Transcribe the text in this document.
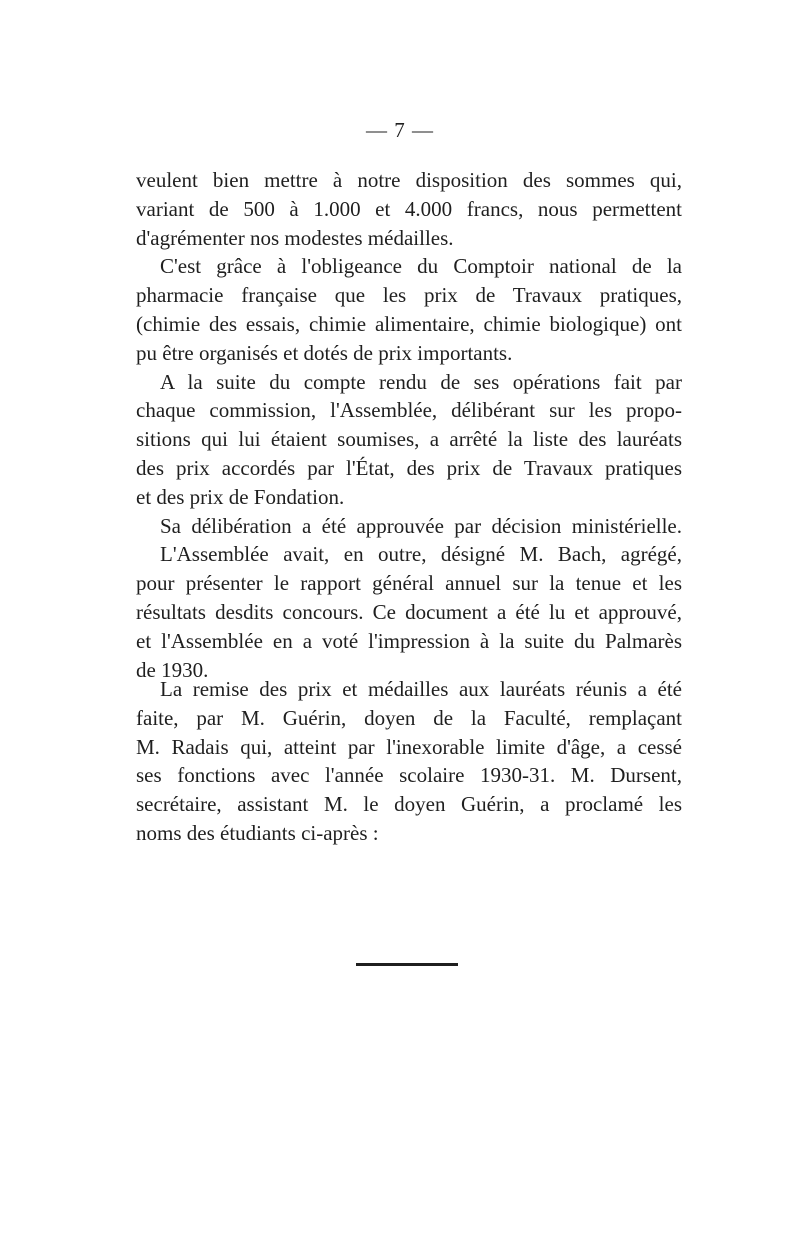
— 7 —
veulent bien mettre à notre disposition des sommes qui,
variant de 500 à 1.000 et 4.000 francs, nous permettent
d'agrémenter nos modestes médailles.
C'est grâce à l'obligeance du Comptoir national de la
pharmacie française que les prix de Travaux pratiques,
(chimie des essais, chimie alimentaire, chimie biologique) ont
pu être organisés et dotés de prix importants.
A la suite du compte rendu de ses opérations fait par
chaque commission, l'Assemblée, délibérant sur les propo-
sitions qui lui étaient soumises, a arrêté la liste des lauréats
des prix accordés par l'État, des prix de Travaux pratiques
et des prix de Fondation.
Sa délibération a été approuvée par décision ministérielle.
L'Assemblée avait, en outre, désigné M. Bach, agrégé,
pour présenter le rapport général annuel sur la tenue et les
résultats desdits concours. Ce document a été lu et approuvé,
et l'Assemblée en a voté l'impression à la suite du Palmarès
de 1930.
La remise des prix et médailles aux lauréats réunis a été
faite, par M. Guérin, doyen de la Faculté, remplaçant
M. Radais qui, atteint par l'inexorable limite d'âge, a cessé
ses fonctions avec l'année scolaire 1930-31. M. Dursent,
secrétaire, assistant M. le doyen Guérin, a proclamé les
noms des étudiants ci-après :
